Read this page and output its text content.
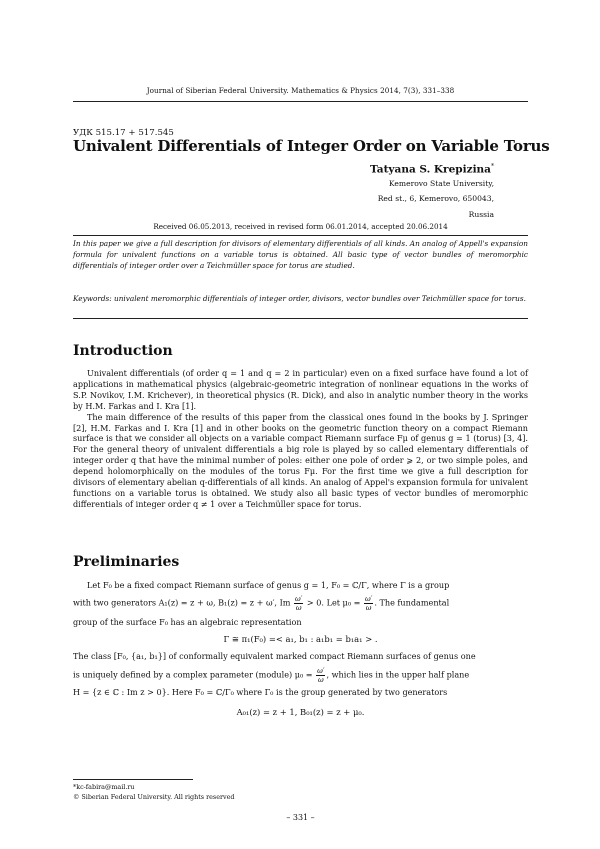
Journal of Siberian Federal University. Mathematics & Physics 2014, 7(3), 331–338
УДК 515.17 + 517.545
Univalent Differentials of Integer Order on Variable Torus
Tatyana S. Krepizina*
Kemerovo State University,
Red st., 6, Kemerovo, 650043,
Russia
Received 06.05.2013, received in revised form 06.01.2014, accepted 20.06.2014
In this paper we give a full description for divisors of elementary differentials of all kinds. An analog of Appell's expansion formula for univalent functions on a variable torus is obtained. All basic type of vector bundles of meromorphic differentials of integer order over a Teichmüller space for torus are studied.
Keywords: univalent meromorphic differentials of integer order, divisors, vector bundles over Teichmüller space for torus.
Introduction

Univalent differentials (of order q = 1 and q = 2 in particular) even on a fixed surface have found a lot of applications in mathematical physics (algebraic-geometric integration of nonlinear equations in the works of S.P. Novikov, I.M. Krichever), in theoretical physics (R. Dick), and also in analytic number theory in the works by H.M. Farkas and I. Kra [1].

The main difference of the results of this paper from the classical ones found in the books by J. Springer [2], H.M. Farkas and I. Kra [1] and in other books on the geometric function theory on a compact Riemann surface is that we consider all objects on a variable compact Riemann surface Fμ of genus g = 1 (torus) [3, 4]. For the general theory of univalent differentials a big role is played by so called elementary differentials of integer order q that have the minimal number of poles: either one pole of order ⩾ 2, or two simple poles, and depend holomorphically on the modules of the torus Fμ. For the first time we give a full description for divisors of elementary abelian q-differentials of all kinds. An analog of Appel's expansion formula for univalent functions on a variable torus is obtained. We study also all basic types of vector bundles of meromorphic differentials of integer order q ≠ 1 over a Teichmüller space for torus.

Preliminaries

Let F₀ be a fixed compact Riemann surface of genus g = 1, F₀ = ℂ/Γ, where Γ is a group

with two generators A₁(z) = z + ω, B₁(z) = z + ω′, Im $\frac{\omega'}{\omega} > 0$. Let $\mu_0 = \frac{\omega'}{\omega}$ . The fundamental

group of the surface F₀ has an algebraic representation

Γ ≅ π₁(F₀) =< a₁, b₁ : a₁b₁ = b₁a₁ > .

The class [F₀, {a₁, b₁}] of conformally equivalent marked compact Riemann surfaces of genus one

is uniquely defined by a complex parameter (module) $\mu_0 = \frac{\omega'}{\omega}$ , which lies in the upper half plane

H = {z ∈ ℂ : Im z > 0}. Here F₀ = ℂ/Γ₀ where Γ₀ is the group generated by two generators

A₀₁(z) = z + 1, B₀₁(z) = z + μ₀.
*kc-fabira@mail.ru
© Siberian Federal University. All rights reserved
– 331 –
